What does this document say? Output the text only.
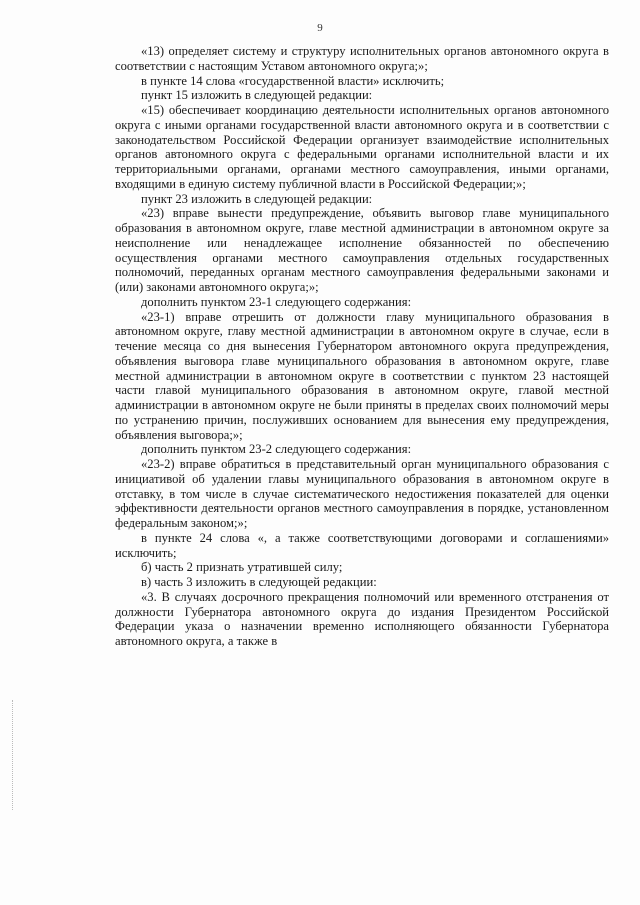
9

«13) определяет систему и структуру исполнительных органов автономного округа в соответствии с настоящим Уставом автономного округа;»;

в пункте 14 слова «государственной власти» исключить;

пункт 15 изложить в следующей редакции:

«15) обеспечивает координацию деятельности исполнительных органов автономного округа с иными органами государственной власти автономного округа и в соответствии с законодательством Российской Федерации организует взаимодействие исполнительных органов автономного округа с федеральными органами исполнительной власти и их территориальными органами, органами местного самоуправления, иными органами, входящими в единую систему публичной власти в Российской Федерации;»;

пункт 23 изложить в следующей редакции:

«23) вправе вынести предупреждение, объявить выговор главе муниципального образования в автономном округе, главе местной администрации в автономном округе за неисполнение или ненадлежащее исполнение обязанностей по обеспечению осуществления органами местного самоуправления отдельных государственных полномочий, переданных органам местного самоуправления федеральными законами и (или) законами автономного округа;»;

дополнить пунктом 23-1 следующего содержания:

«23-1) вправе отрешить от должности главу муниципального образования в автономном округе, главу местной администрации в автономном округе в случае, если в течение месяца со дня вынесения Губернатором автономного округа предупреждения, объявления выговора главе муниципального образования в автономном округе, главе местной администрации в автономном округе в соответствии с пунктом 23 настоящей части главой муниципального образования в автономном округе, главой местной администрации в автономном округе не были приняты в пределах своих полномочий меры по устранению причин, послуживших основанием для вынесения ему предупреждения, объявления выговора;»;

дополнить пунктом 23-2 следующего содержания:

«23-2) вправе обратиться в представительный орган муниципального образования с инициативой об удалении главы муниципального образования в автономном округе в отставку, в том числе в случае систематического недостижения показателей для оценки эффективности деятельности органов местного самоуправления в порядке, установленном федеральным законом;»;

в пункте 24 слова «, а также соответствующими договорами и соглашениями» исключить;

б) часть 2 признать утратившей силу;

в) часть 3 изложить в следующей редакции:

«3. В случаях досрочного прекращения полномочий или временного отстранения от должности Губернатора автономного округа до издания Президентом Российской Федерации указа о назначении временно исполняющего обязанности Губернатора автономного округа, а также в
